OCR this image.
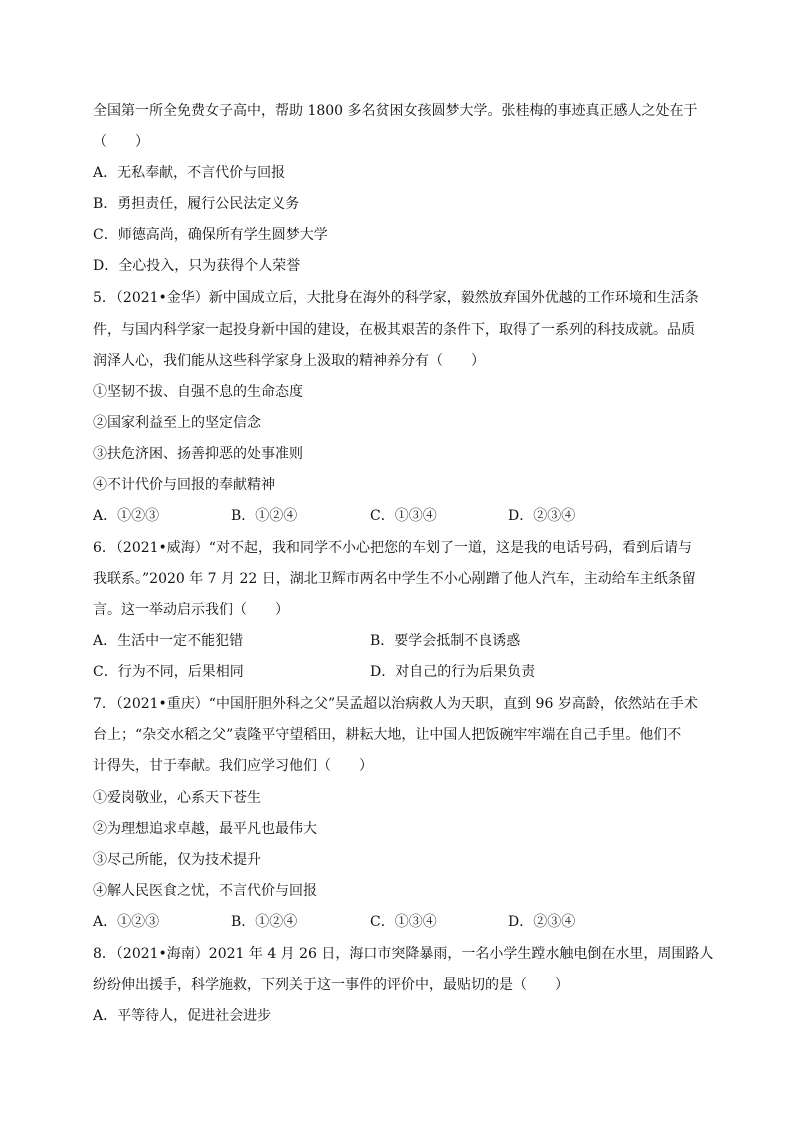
全国第一所全免费女子高中，帮助 1800 多名贫困女孩圆梦大学。张桂梅的事迹真正感人之处在于
（　　）
A．无私奉献，不言代价与回报
B．勇担责任，履行公民法定义务
C．师德高尚，确保所有学生圆梦大学
D．全心投入，只为获得个人荣誉
5．（2021•金华）新中国成立后，大批身在海外的科学家，毅然放弃国外优越的工作环境和生活条
件，与国内科学家一起投身新中国的建设，在极其艰苦的条件下，取得了一系列的科技成就。品质
润泽人心，我们能从这些科学家身上汲取的精神养分有（　　）
①坚韧不拔、自强不息的生命态度
②国家利益至上的坚定信念
③扶危济困、扬善抑恶的处事准则
④不计代价与回报的奉献精神
A．①②③	B．①②④	C．①③④	D．②③④
6．（2021•威海）“对不起，我和同学不小心把您的车划了一道，这是我的电话号码，看到后请与
我联系。”2020 年 7 月 22 日，湖北卫辉市两名中学生不小心剐蹭了他人汽车，主动给车主纸条留
言。这一举动启示我们（　　）
A．生活中一定不能犯错	B．要学会抵制不良诱惑
C．行为不同，后果相同	D．对自己的行为后果负责
7．（2021•重庆）“中国肝胆外科之父”吴孟超以治病救人为天职，直到 96 岁高龄，依然站在手术
台上；“杂交水稻之父”袁隆平守望稻田，耕耘大地，让中国人把饭碗牢牢端在自己手里。他们不
计得失，甘于奉献。我们应学习他们（　　）
①爱岗敬业，心系天下苍生
②为理想追求卓越，最平凡也最伟大
③尽己所能，仅为技术提升
④解人民医食之忧，不言代价与回报
A．①②③	B．①②④	C．①③④	D．②③④
8．（2021•海南）2021 年 4 月 26 日，海口市突降暴雨，一名小学生蹚水触电倒在水里，周围路人
纷纷伸出援手，科学施救，下列关于这一事件的评价中，最贴切的是（　　）
A．平等待人，促进社会进步
